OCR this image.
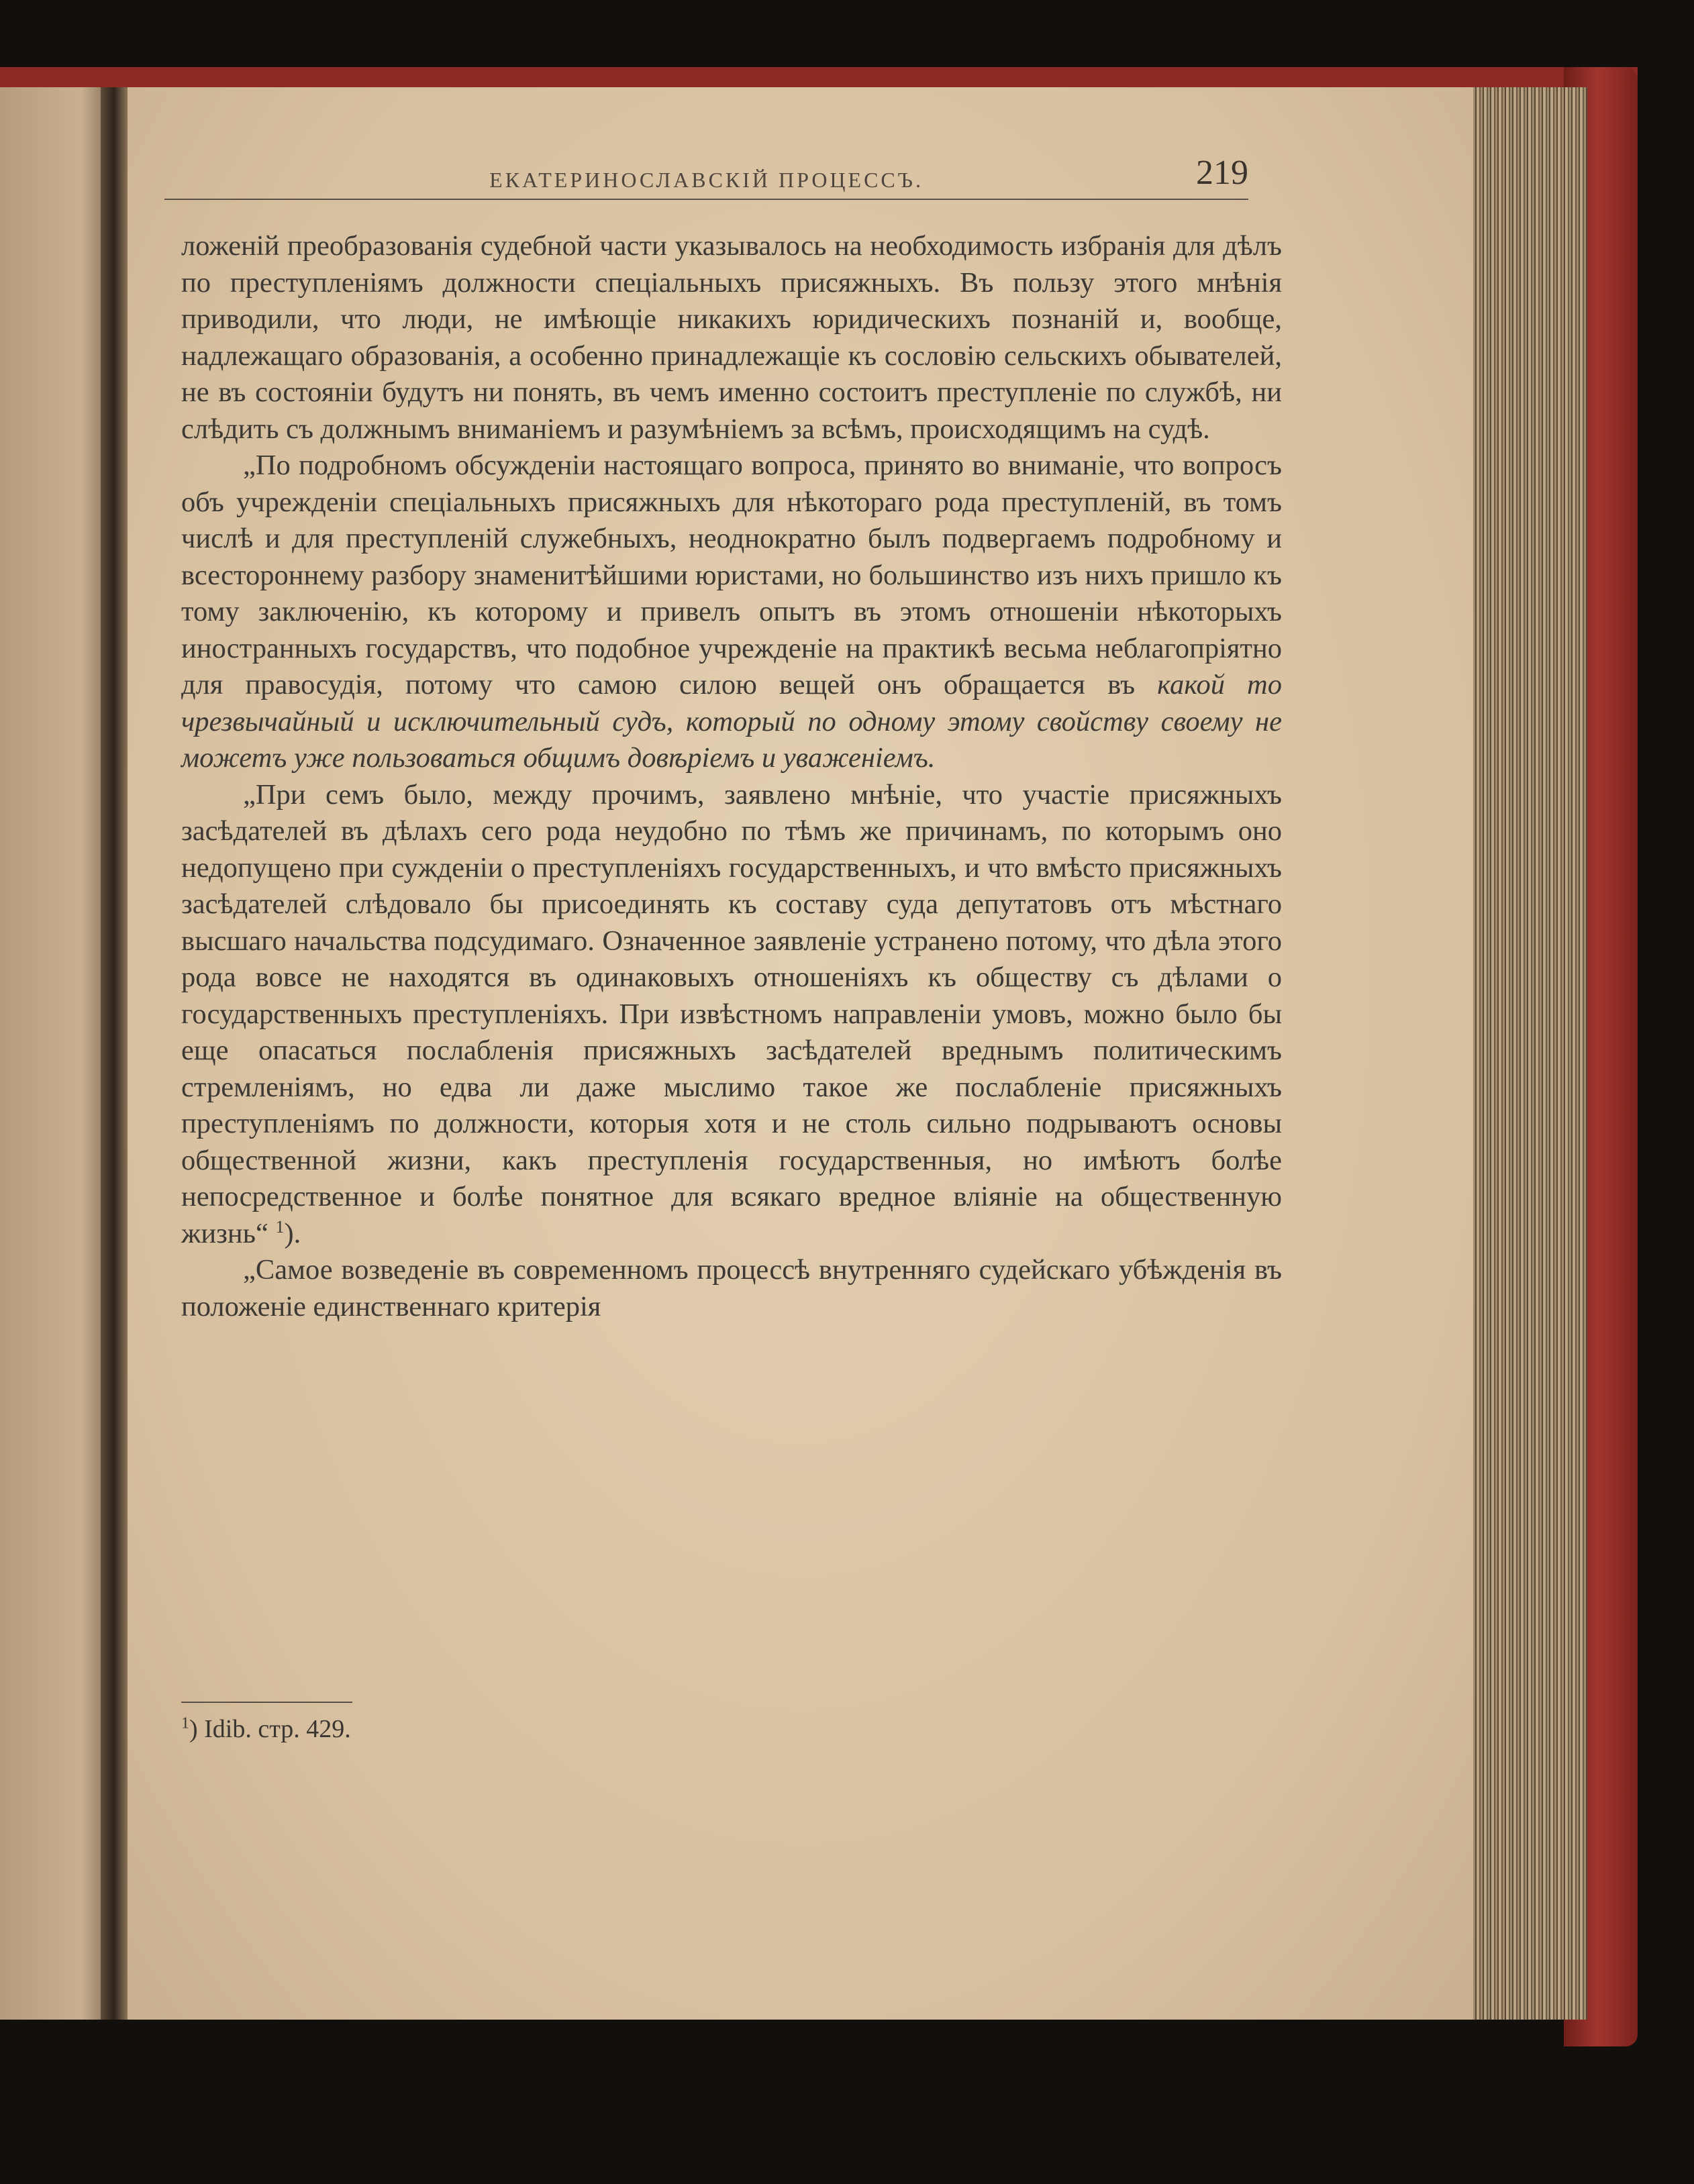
ЕКАТЕРИНОСЛАВСКІЙ ПРОЦЕССЪ.	219

ложеній преобразованія судебной части указывалось на необходимость избранія для дѣлъ по преступленіямъ должности спеціальныхъ присяжныхъ. Въ пользу этого мнѣнія приводили, что люди, не имѣющіе никакихъ юридическихъ познаній и, вообще, надлежащаго образованія, а особенно принадлежащіе къ сословію сельскихъ обывателей, не въ состояніи будутъ ни понять, въ чемъ именно состоитъ преступленіе по службѣ, ни слѣдить съ должнымъ вниманіемъ и разумѣніемъ за всѣмъ, происходящимъ на судѣ.

„По подробномъ обсужденіи настоящаго вопроса, принято во вниманіе, что вопросъ объ учрежденіи спеціальныхъ присяжныхъ для нѣкотораго рода преступленій, въ томъ числѣ и для преступленій служебныхъ, неоднократно былъ подвергаемъ подробному и всестороннему разбору знаменитѣйшими юристами, но большинство изъ нихъ пришло къ тому заключенію, къ которому и привелъ опытъ въ этомъ отношеніи нѣкоторыхъ иностранныхъ государствъ, что подобное учрежденіе на практикѣ весьма неблагопріятно для правосудія, потому что самою силою вещей онъ обращается въ какой то чрезвычайный и исключительный судъ, который по одному этому свойству своему не можетъ уже пользоваться общимъ довѣріемъ и уваженіемъ.

„При семъ было, между прочимъ, заявлено мнѣніе, что участіе присяжныхъ засѣдателей въ дѣлахъ сего рода неудобно по тѣмъ же причинамъ, по которымъ оно недопущено при сужденіи о преступленіяхъ государственныхъ, и что вмѣсто присяжныхъ засѣдателей слѣдовало бы присоединять къ составу суда депутатовъ отъ мѣстнаго высшаго начальства подсудимаго. Означенное заявленіе устранено потому, что дѣла этого рода вовсе не находятся въ одинаковыхъ отношеніяхъ къ обществу съ дѣлами о государственныхъ преступленіяхъ. При извѣстномъ направленіи умовъ, можно было бы еще опасаться послабленія присяжныхъ засѣдателей вреднымъ политическимъ стремленіямъ, но едва ли даже мыслимо такое же послабленіе присяжныхъ преступленіямъ по должности, которыя хотя и не столь сильно подрываютъ основы общественной жизни, какъ преступленія государственныя, но имѣютъ болѣе непосредственное и болѣе понятное для всякаго вредное вліяніе на общественную жизнь“ $^1$).

„Самое возведеніе въ современномъ процессѣ внутренняго судейскаго убѣжденія въ положеніе единственнаго критерія

$^1$) Idib. стр. 429.
